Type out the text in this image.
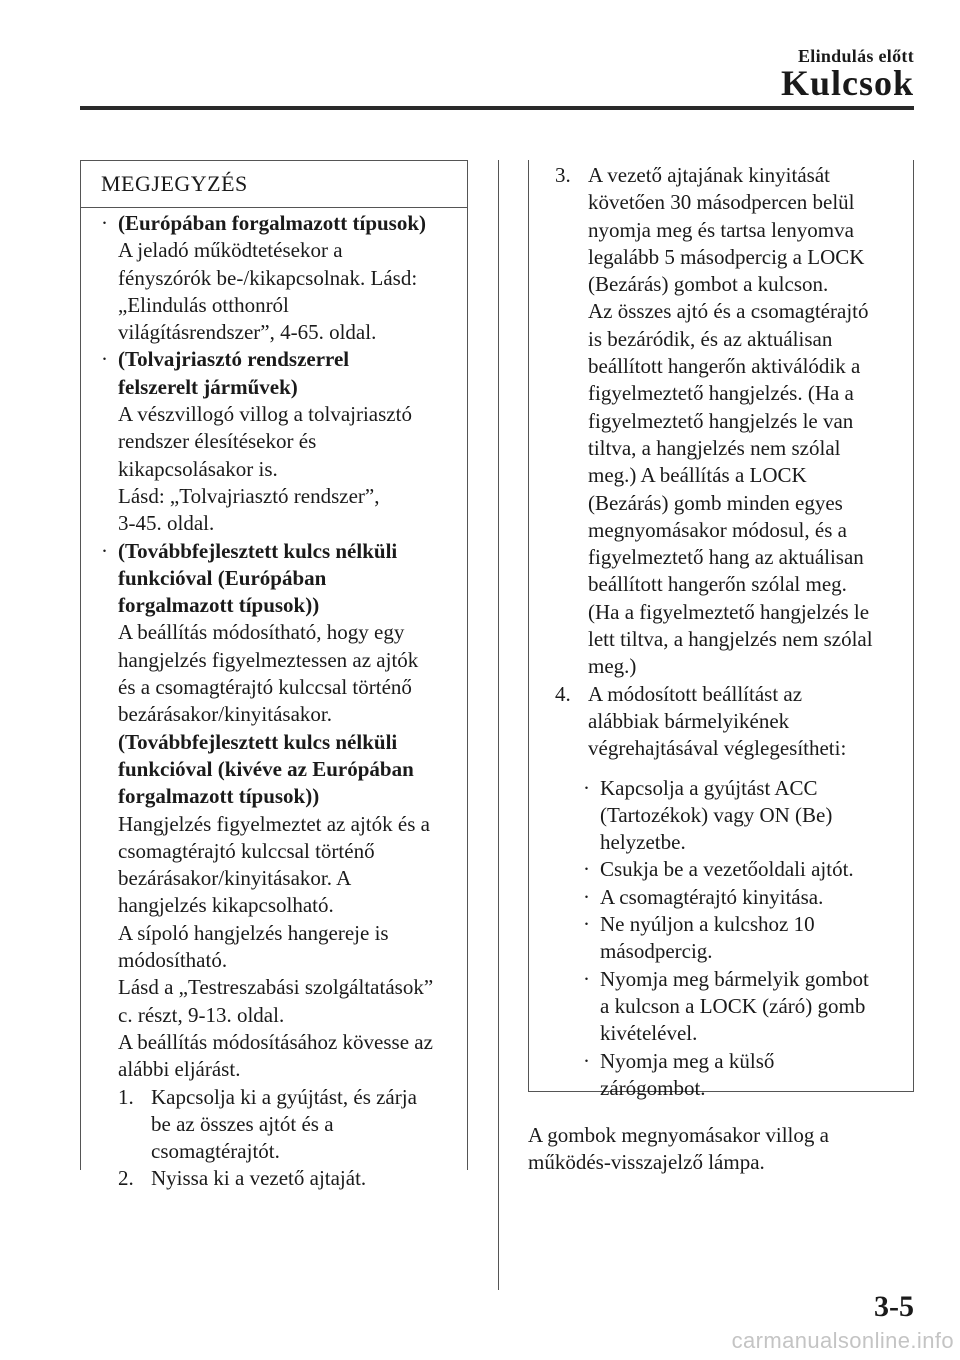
Elindulás előtt
Kulcsok
MEGJEGYZÉS
· (Európában forgalmazott típusok)
A jeladó működtetésekor a
fényszórók be-/kikapcsolnak. Lásd:
„Elindulás otthonról
világításrendszer”, 4-65. oldal.
· (Tolvajriasztó rendszerrel
felszerelt járművek)
A vészvillogó villog a tolvajriasztó
rendszer élesítésekor és
kikapcsolásakor is.
Lásd: „Tolvajriasztó rendszer”,
3-45. oldal.
· (Továbbfejlesztett kulcs nélküli
funkcióval (Európában
forgalmazott típusok))
A beállítás módosítható, hogy egy
hangjelzés figyelmeztessen az ajtók
és a csomagtérajtó kulccsal történő
bezárásakor/kinyitásakor.
(Továbbfejlesztett kulcs nélküli
funkcióval (kivéve az Európában
forgalmazott típusok))
Hangjelzés figyelmeztet az ajtók és a
csomagtérajtó kulccsal történő
bezárásakor/kinyitásakor. A
hangjelzés kikapcsolható.
A sípoló hangjelzés hangereje is
módosítható.
Lásd a „Testreszabási szolgáltatások”
c. részt, 9-13. oldal.
A beállítás módosításához kövesse az
alábbi eljárást.
1. Kapcsolja ki a gyújtást, és zárja
be az összes ajtót és a
csomagtérajtót.
2. Nyissa ki a vezető ajtaját.
3. A vezető ajtajának kinyitását
követően 30 másodpercen belül
nyomja meg és tartsa lenyomva
legalább 5 másodpercig a LOCK
(Bezárás) gombot a kulcson.
Az összes ajtó és a csomagtérajtó
is bezáródik, és az aktuálisan
beállított hangerőn aktiválódik a
figyelmeztető hangjelzés. (Ha a
figyelmeztető hangjelzés le van
tiltva, a hangjelzés nem szólal
meg.) A beállítás a LOCK
(Bezárás) gomb minden egyes
megnyomásakor módosul, és a
figyelmeztető hang az aktuálisan
beállított hangerőn szólal meg.
(Ha a figyelmeztető hangjelzés le
lett tiltva, a hangjelzés nem szólal
meg.)
4. A módosított beállítást az
alábbiak bármelyikének
végrehajtásával véglegesítheti:
· Kapcsolja a gyújtást ACC
(Tartozékok) vagy ON (Be)
helyzetbe.
· Csukja be a vezetőoldali ajtót.
· A csomagtérajtó kinyitása.
· Ne nyúljon a kulcshoz 10
másodpercig.
· Nyomja meg bármelyik gombot
a kulcson a LOCK (záró) gomb
kivételével.
· Nyomja meg a külső
zárógombot.
A gombok megnyomásakor villog a
működés-visszajelző lámpa.
3-5
carmanualsonline.info
